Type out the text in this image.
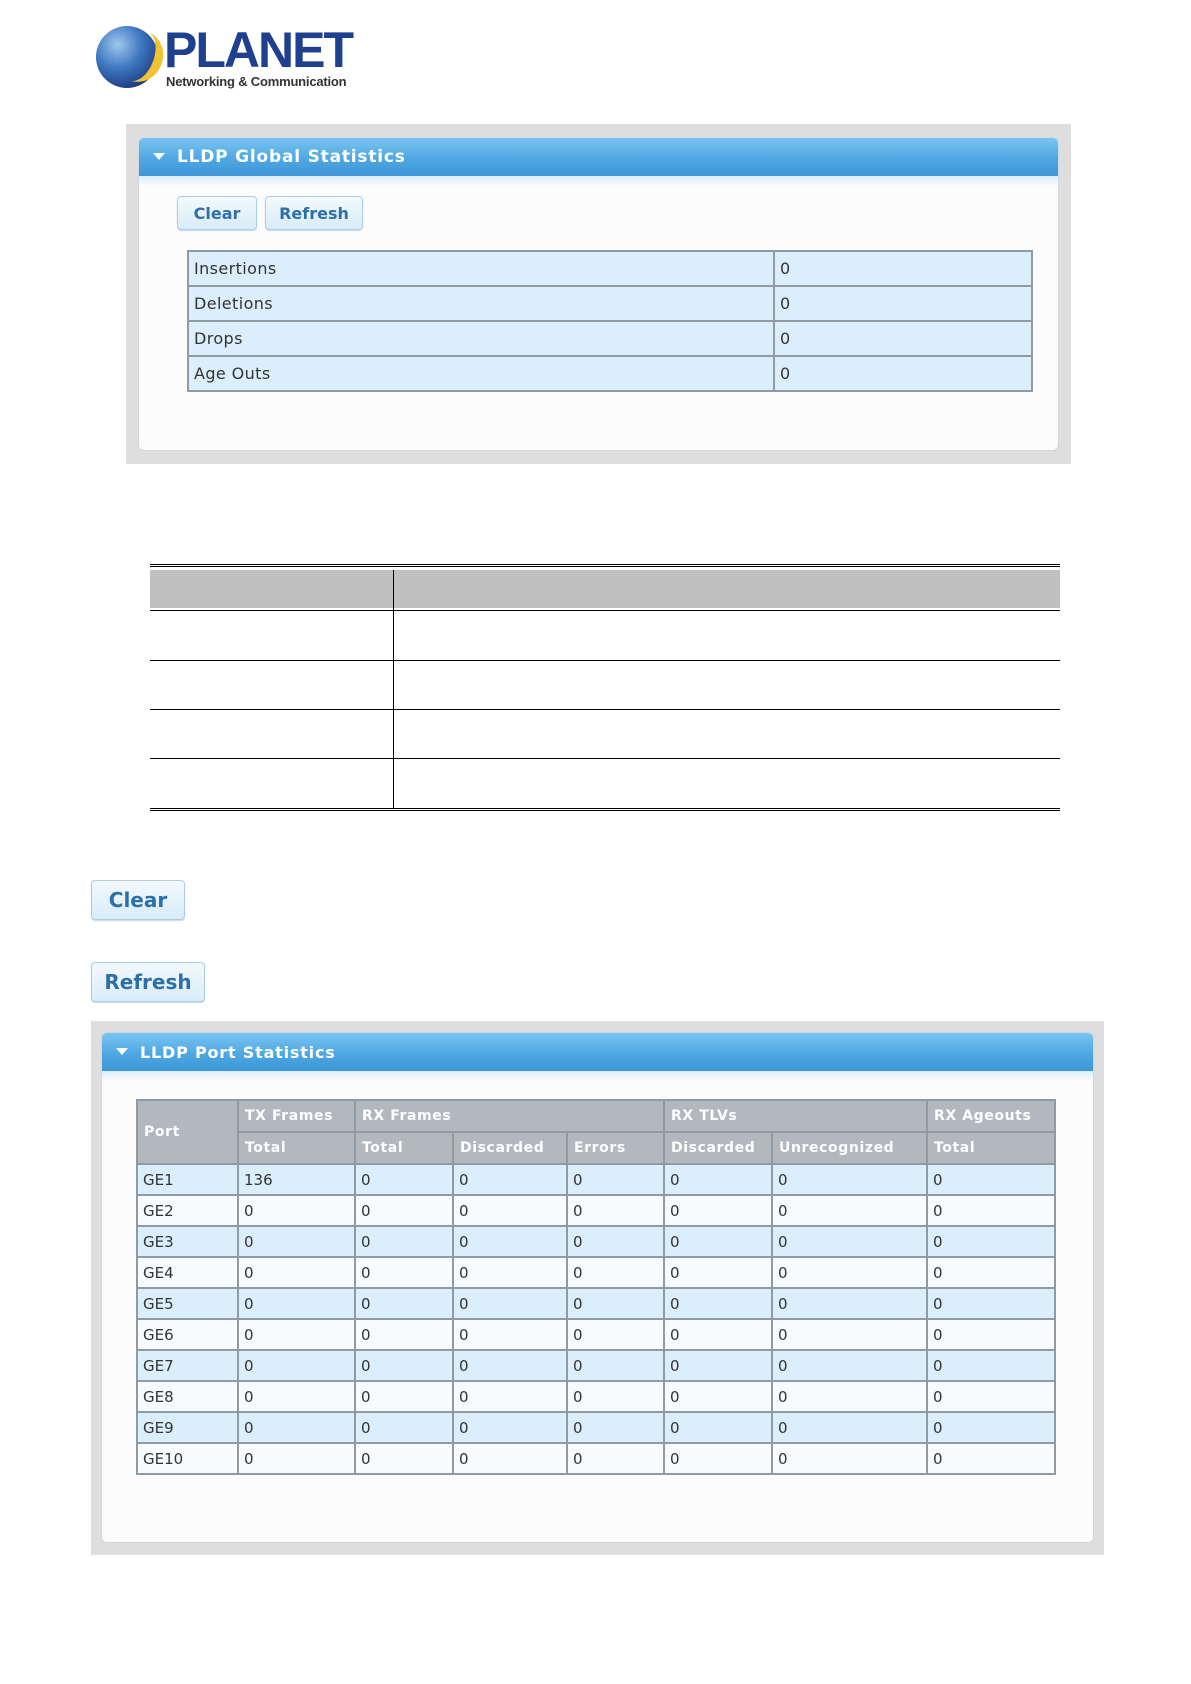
PLANET
Networking & Communication
LLDP Global Statistics
Clear	Refresh
Insertions	0
Deletions	0
Drops	0
Age Outs	0
Clear
Refresh
LLDP Port Statistics
Port	TX Frames	RX Frames			RX TLVs		RX Ageouts
	Total	Total	Discarded	Errors	Discarded	Unrecognized	Total
GE1	136	0	0	0	0	0	0
GE2	0	0	0	0	0	0	0
GE3	0	0	0	0	0	0	0
GE4	0	0	0	0	0	0	0
GE5	0	0	0	0	0	0	0
GE6	0	0	0	0	0	0	0
GE7	0	0	0	0	0	0	0
GE8	0	0	0	0	0	0	0
GE9	0	0	0	0	0	0	0
GE10	0	0	0	0	0	0	0
